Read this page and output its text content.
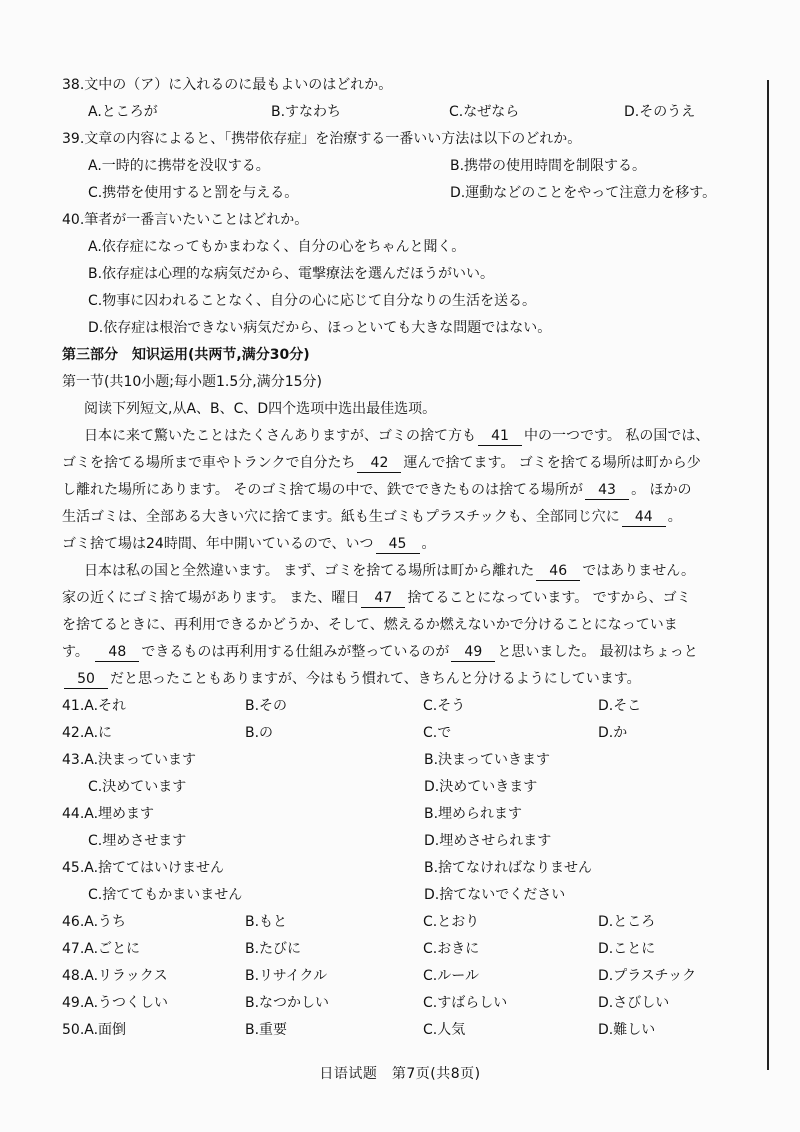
38.文中の（ア）に入れるのに最もよいのはどれか。
A.ところが	B.すなわち	C.なぜなら	D.そのうえ
39.文章の内容によると、「携帯依存症」を治療する一番いい方法は以下のどれか。
A.一時的に携帯を没収する。	B.携帯の使用時間を制限する。
C.携帯を使用すると罰を与える。	D.運動などのことをやって注意力を移す。
40.筆者が一番言いたいことはどれか。
A.依存症になってもかまわなく、自分の心をちゃんと聞く。
B.依存症は心理的な病気だから、電撃療法を選んだほうがいい。
C.物事に囚われることなく、自分の心に応じて自分なりの生活を送る。
D.依存症は根治できない病気だから、ほっといても大きな問題ではない。
第三部分　知识运用(共两节,满分30分)
第一节(共10小题;每小题1.5分,满分15分)
阅读下列短文,从A、B、C、D四个选项中选出最佳选项。
日本に来て驚いたことはたくさんありますが、ゴミの捨て方も 41 中の一つです。 私の国では、
ゴミを捨てる場所まで車やトランクで自分たち 42 運んで捨てます。 ゴミを捨てる場所は町から少
し離れた場所にあります。 そのゴミ捨て場の中で、鉄でできたものは捨てる場所が 43 。 ほかの
生活ゴミは、全部ある大きい穴に捨てます。紙も生ゴミもプラスチックも、全部同じ穴に 44 。
ゴミ捨て場は24時間、年中開いているので、いつ 45 。
日本は私の国と全然違います。 まず、ゴミを捨てる場所は町から離れた 46 ではありません。
家の近くにゴミ捨て場があります。 また、曜日 47 捨てることになっています。 ですから、ゴミ
を捨てるときに、再利用できるかどうか、そして、燃えるか燃えないかで分けることになっていま
す。 48 できるものは再利用する仕組みが整っているのが 49 と思いました。 最初はちょっと
50 だと思ったこともありますが、今はもう慣れて、きちんと分けるようにしています。
41.A.それ	B.その	C.そう	D.そこ
42.A.に	B.の	C.で	D.か
43.A.決まっています	B.決まっていきます
C.決めています	D.決めていきます
44.A.埋めます	B.埋められます
C.埋めさせます	D.埋めさせられます
45.A.捨ててはいけません	B.捨てなければなりません
C.捨ててもかまいません	D.捨てないでください
46.A.うち	B.もと	C.とおり	D.ところ
47.A.ごとに	B.たびに	C.おきに	D.ことに
48.A.リラックス	B.リサイクル	C.ルール	D.プラスチック
49.A.うつくしい	B.なつかしい	C.すばらしい	D.さびしい
50.A.面倒	B.重要	C.人気	D.難しい
日语试题　第7页(共8页)
